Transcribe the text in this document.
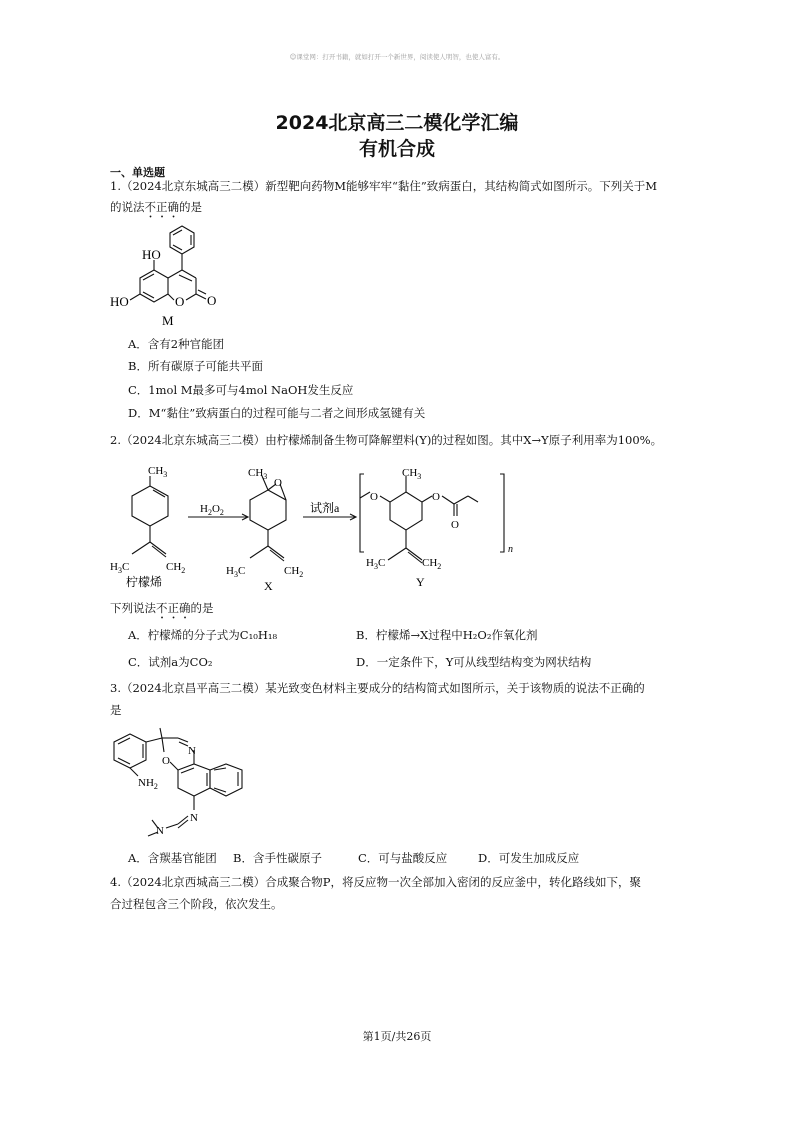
☺课堂网：打开书籍，就如打开一个新世界，阅读使人明智，也使人富有。
2024北京高三二模化学汇编
有机合成
一、单选题
1.（2024北京东城高三二模）新型靶向药物M能够牢牢“黏住”致病蛋白，其结构简式如图所示。下列关于M
的说法不正确的是
HO
HO	O O
M
A．含有2种官能团
B．所有碳原子可能共平面
C．1mol M最多可与4mol NaOH发生反应
D．M“黏住”致病蛋白的过程可能与二者之间形成氢键有关
2.（2024北京东城高三二模）由柠檬烯制备生物可降解塑料(Y)的过程如图。其中X→Y原子利用率为100%。
$CH_3$
$H_3C$	$CH_2$
柠檬烯
$H_2O_2$
$CH_3$
O
$H_3C$	$CH_2$
X
试剂a
$CH_3$
O	O
O
n
$H_3C$	$CH_2$
Y
下列说法不正确的是
A．柠檬烯的分子式为C₁₀H₁₈	B．柠檬烯→X过程中H₂O₂作氧化剂
C．试剂a为CO₂	D．一定条件下，Y可从线型结构变为网状结构
3.（2024北京昌平高三二模）某光致变色材料主要成分的结构简式如图所示，关于该物质的说法不正确的
是
N
O
$NH_2$
N
N
A．含羰基官能团 B．含手性碳原子	C．可与盐酸反应	D．可发生加成反应
4.（2024北京西城高三二模）合成聚合物P，将反应物一次全部加入密闭的反应釜中，转化路线如下，聚
合过程包含三个阶段，依次发生。
第1页/共26页
